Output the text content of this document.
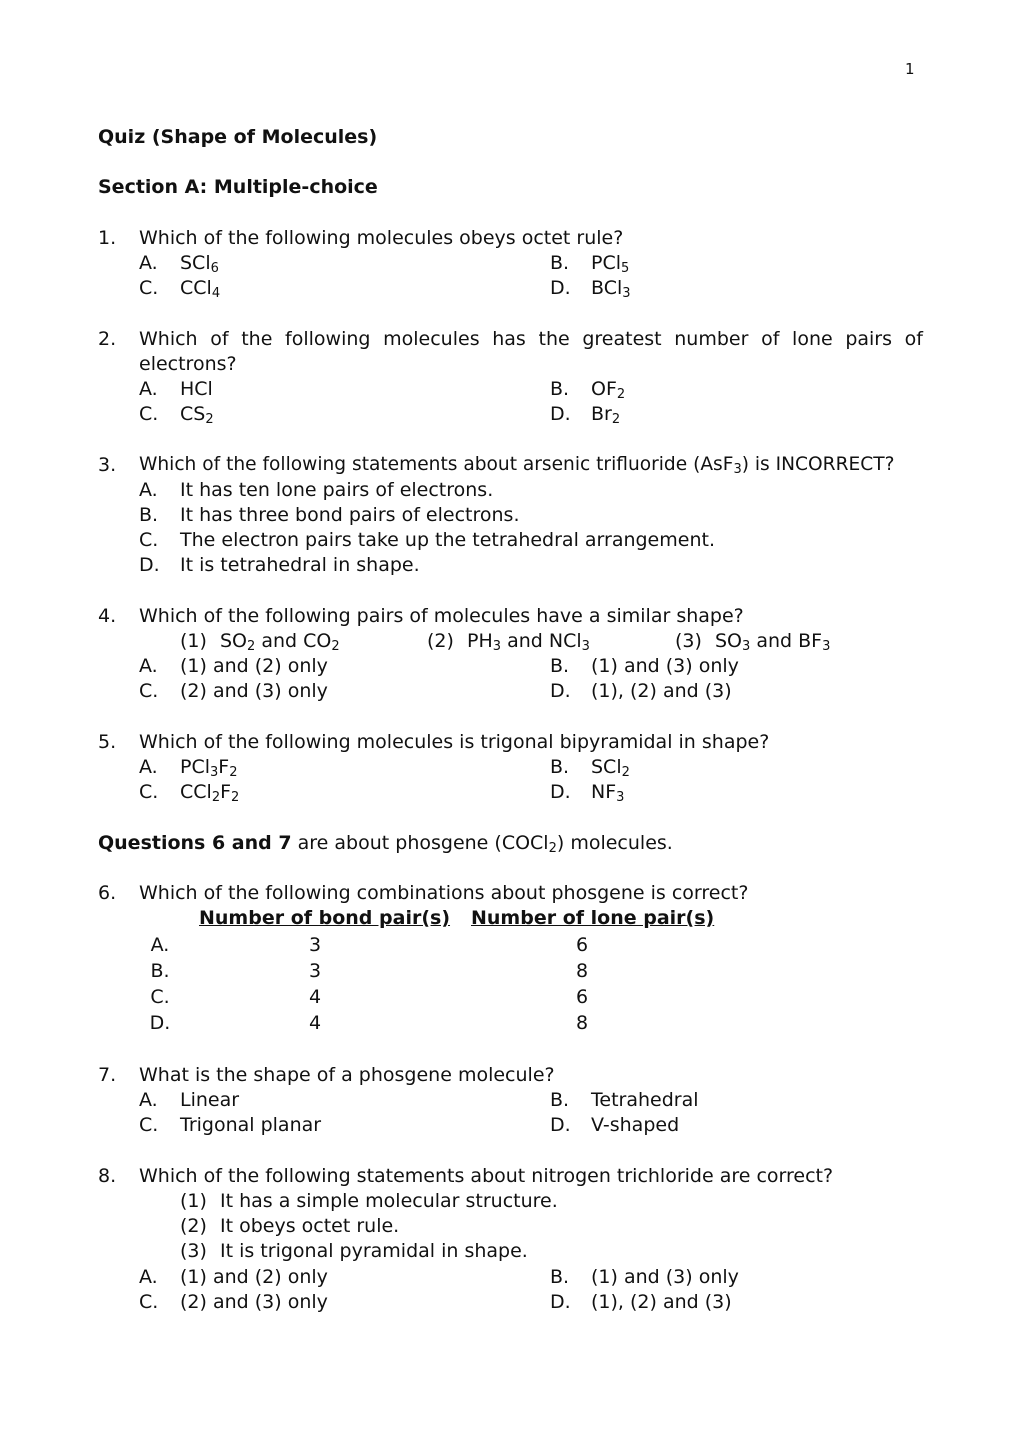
1
Quiz (Shape of Molecules)
Section A: Multiple-choice
1. Which of the following molecules obeys octet rule?
A. SCl$_6$	B. PCl$_5$
C. CCl$_4$	D. BCl$_3$
2. Which of the following molecules has the greatest number of lone pairs of
electrons?
A. HCl	B. $OF_2$
C. $CS_2$	D. $Br_2$
3. Which of the following statements about arsenic trifluoride (AsF$_3$) is INCORRECT?
A. It has ten lone pairs of electrons.
B. It has three bond pairs of electrons.
C. The electron pairs take up the tetrahedral arrangement.
D. It is tetrahedral in shape.
4. Which of the following pairs of molecules have a similar shape?
(1) $SO_2$ and $CO_2$	(2) $PH_3$ and NCl$_3$	(3) $SO_3$ and $BF_3$
A. (1) and (2) only	B. (1) and (3) only
C. (2) and (3) only	D. (1), (2) and (3)
5. Which of the following molecules is trigonal bipyramidal in shape?
A. $PCl_3F_2$	B. SCl$_2$
C. $CCl_2F_2$	D. $NF_3$
Questions 6 and 7 are about phosgene (COCl$_2$) molecules.
6. Which of the following combinations about phosgene is correct?
Number of bond pair(s) Number of lone pair(s)
A.	3	6
B.	3	8
C.	4	6
D.	4	8
7. What is the shape of a phosgene molecule?
A. Linear	B. Tetrahedral
C. Trigonal planar	D. V-shaped
8. Which of the following statements about nitrogen trichloride are correct?
(1) It has a simple molecular structure.
(2) It obeys octet rule.
(3) It is trigonal pyramidal in shape.
A. (1) and (2) only	B. (1) and (3) only
C. (2) and (3) only	D. (1), (2) and (3)
